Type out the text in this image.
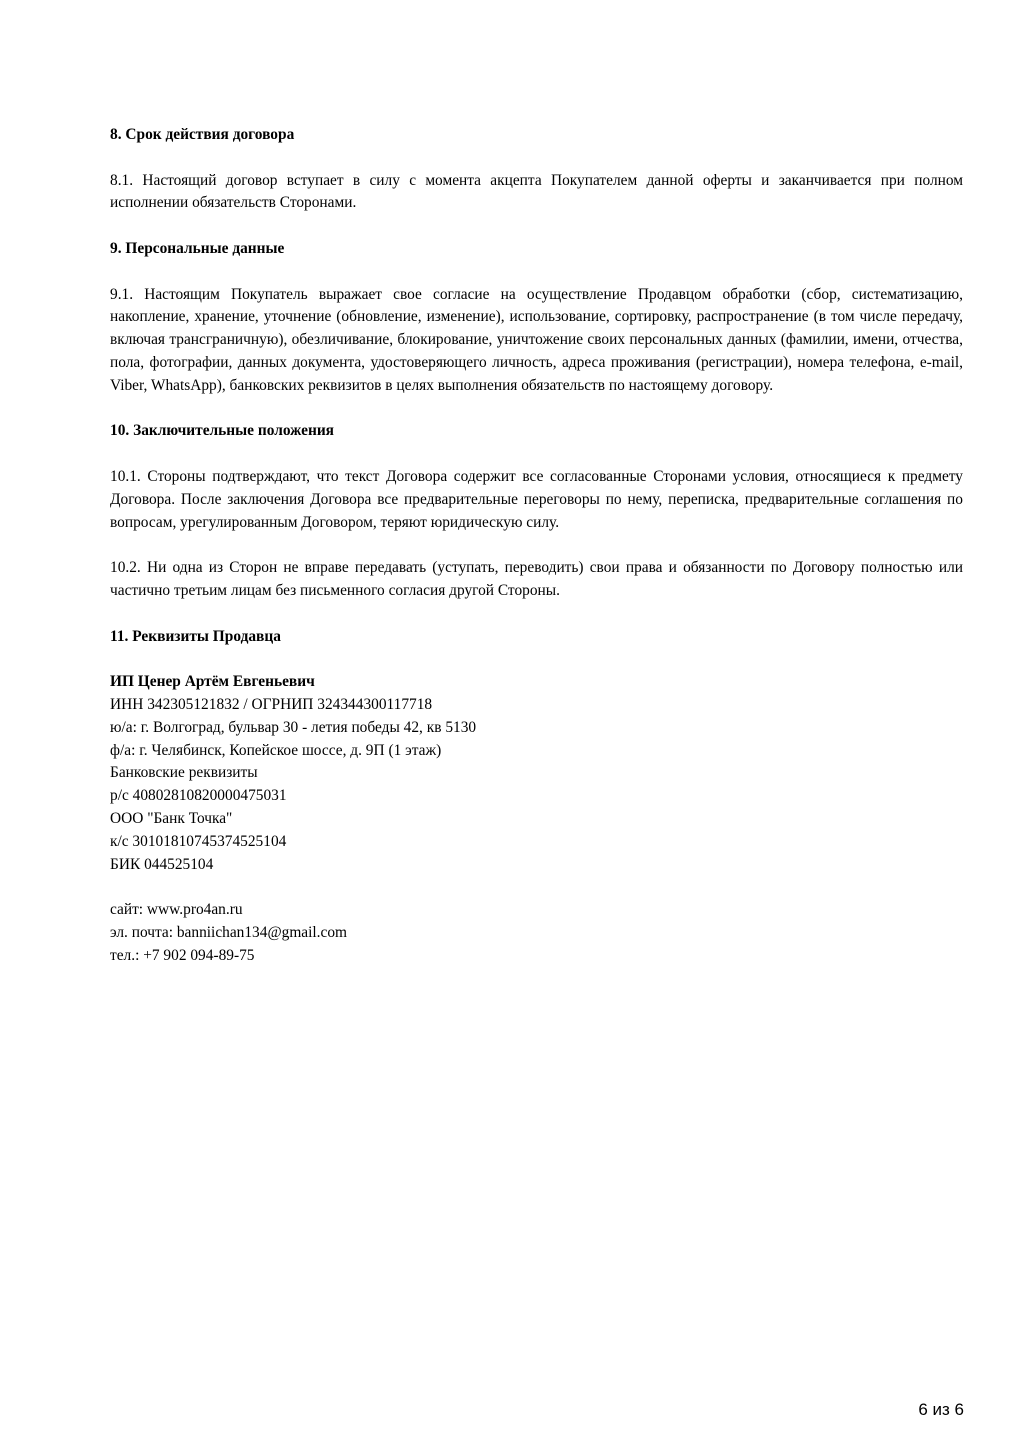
8. Срок действия договора
8.1. Настоящий договор вступает в силу с момента акцепта Покупателем данной оферты и заканчивается при полном исполнении обязательств Сторонами.
9. Персональные данные
9.1. Настоящим Покупатель выражает свое согласие на осуществление Продавцом обработки (сбор, систематизацию, накопление, хранение, уточнение (обновление, изменение), использование, сортировку, распространение (в том числе передачу, включая трансграничную), обезличивание, блокирование, уничтожение своих персональных данных (фамилии, имени, отчества, пола, фотографии, данных документа, удостоверяющего личность, адреса проживания (регистрации), номера телефона, e-mail, Viber, WhatsApp), банковских реквизитов в целях выполнения обязательств по настоящему договору.
10. Заключительные положения
10.1. Стороны подтверждают, что текст Договора содержит все согласованные Сторонами условия, относящиеся к предмету Договора. После заключения Договора все предварительные переговоры по нему, переписка, предварительные соглашения по вопросам, урегулированным Договором, теряют юридическую силу.
10.2. Ни одна из Сторон не вправе передавать (уступать, переводить) свои права и обязанности по Договору полностью или частично третьим лицам без письменного согласия другой Стороны.
11. Реквизиты Продавца
ИП Ценер Артём Евгеньевич
ИНН 342305121832 / ОГРНИП 324344300117718
ю/а: г. Волгоград, бульвар 30 - летия победы 42, кв 5130
ф/а: г. Челябинск, Копейское шоссе, д. 9П (1 этаж)
Банковские реквизиты
р/с 40802810820000475031
ООО "Банк Точка"
к/с 30101810745374525104
БИК 044525104
сайт: www.pro4an.ru
эл. почта: banniichan134@gmail.com
тел.: +7 902 094-89-75
6 из 6
